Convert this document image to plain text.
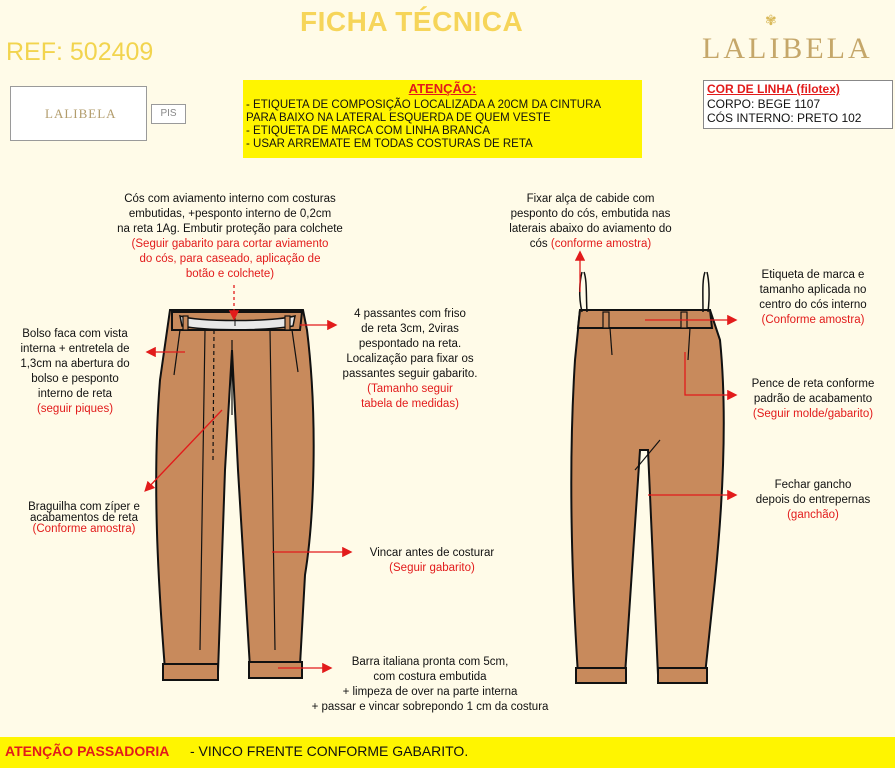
FICHA TÉCNICA
REF: 502409
✾
LALIBELA
LALIBELA	PIS
ATENÇÃO:

- ETIQUETA DE COMPOSIÇÃO LOCALIZADA A 20CM DA CINTURA

PARA BAIXO NA LATERAL ESQUERDA DE QUEM VESTE

- ETIQUETA DE MARCA COM LINHA BRANCA

- USAR ARREMATE EM TODAS COSTURAS DE RETA

COR DE LINHA (filotex)
CORPO: BEGE 1107
CÓS INTERNO: PRETO 102
Cós com aviamento interno com costuras
embutidas, +pesponto interno de 0,2cm
na reta 1Ag. Embutir proteção para colchete
(Seguir gabarito para cortar aviamento
do cós, para caseado, aplicação de
botão e colchete)
Bolso faca com vista
interna + entretela de
1,3cm na abertura do
bolso e pesponto
interno de reta
(seguir piques)
4 passantes com friso
de reta 3cm, 2viras
pespontado na reta.
Localização para fixar os
passantes seguir gabarito.
(Tamanho seguir
tabela de medidas)
Braguilha com zíper e
acabamentos de reta
(Conforme amostra)
Vincar antes de costurar
(Seguir gabarito)
Barra italiana pronta com 5cm,
com costura embutida
+ limpeza de over na parte interna
+ passar e vincar sobrepondo 1 cm da costura
Fixar alça de cabide com
pesponto do cós, embutida nas
laterais abaixo do aviamento do
cós (conforme amostra)
Etiqueta de marca e
tamanho aplicada no
centro do cós interno
(Conforme amostra)
Pence de reta conforme
padrão de acabamento
(Seguir molde/gabarito)
Fechar gancho
depois do entrepernas
(ganchão)
ATENÇÃO PASSADORIA - VINCO FRENTE CONFORME GABARITO.
